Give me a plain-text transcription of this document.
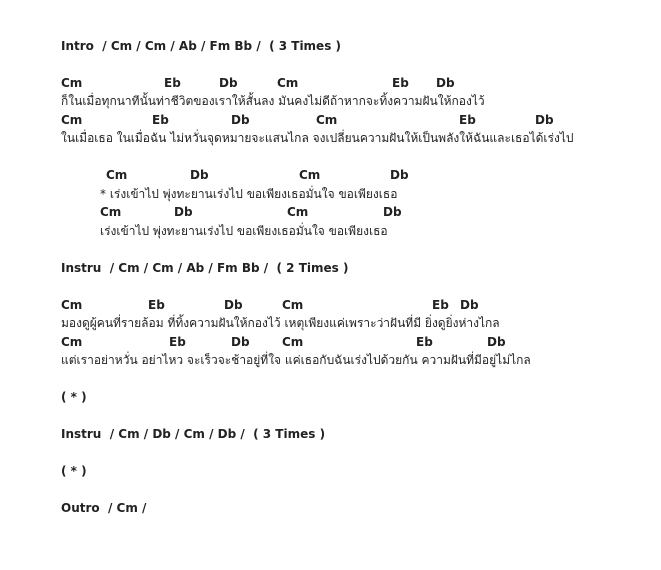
Intro  / Cm / Cm / Ab / Fm Bb /  ( 3 Times )
Cm	Eb	Db	Cm	Eb Db
ก็ในเมื่อทุกนาทีนั้นท่าชีวิตของเราให้สั้นลง มันคงไม่ดีถ้าหากจะทิ้งความฝันให้กองไว้
Cm	Eb	Db	Cm	Eb	Db
ในเมื่อเธอ ในเมื่อฉัน ไม่หวั่นจุดหมายจะแสนไกล จงเปลี่ยนความฝันให้เป็นพลังให้ฉันและเธอได้เร่งไป
Cm	Db	Cm	Db
* เร่งเข้าไป พุ่งทะยานเร่งไป ขอเพียงเธอมั่นใจ ขอเพียงเธอ
Cm	Db	Cm	Db
เร่งเข้าไป พุ่งทะยานเร่งไป ขอเพียงเธอมั่นใจ ขอเพียงเธอ
Instru  / Cm / Cm / Ab / Fm Bb /  ( 2 Times )
Cm	Eb	Db	Cm	Eb Db
มองดูผู้คนที่รายล้อม ที่ทิ้งความฝันให้กองไว้ เหตุเพียงแค่เพราะว่าฝันที่มี ยิ่งดูยิ่งห่างไกล
Cm	Eb	Db	Cm	Eb	Db
แต่เราอย่าหวั่น อย่าไหว จะเร็วจะช้าอยู่ที่ใจ แค่เธอกับฉันเร่งไปด้วยกัน ความฝันที่มีอยู่ไม่ไกล
( * )
Instru  / Cm / Db / Cm / Db /  ( 3 Times )
( * )
Outro  / Cm /
